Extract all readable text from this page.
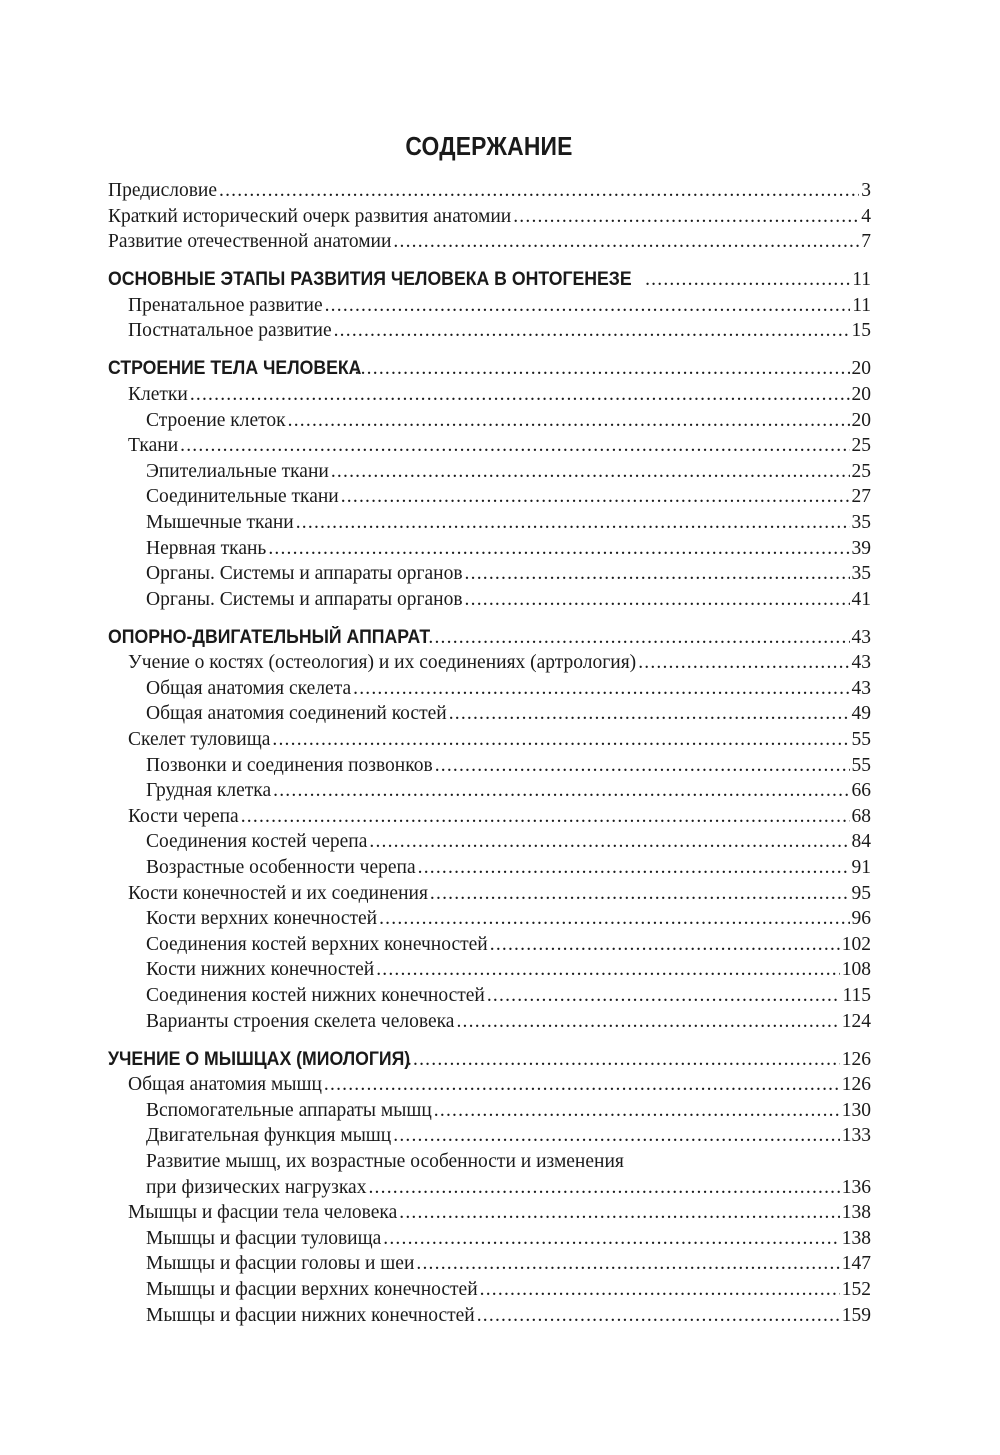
СОДЕРЖАНИЕ
Предисловие .....	3
Краткий исторический очерк развития анатомии .....	4
Развитие отечественной анатомии .....	7
ОСНОВНЫЕ ЭТАПЫ РАЗВИТИЯ ЧЕЛОВЕКА В ОНТОГЕНЕЗЕ .....	11
Пренатальное развитие .....	11
Постнатальное развитие .....	15
СТРОЕНИЕ ТЕЛА ЧЕЛОВЕКА .....	20
Клетки .....	20
Строение клеток .....	20
Ткани .....	25
Эпителиальные ткани .....	25
Соединительные ткани .....	27
Мышечные ткани .....	35
Нервная ткань .....	39
Органы. Системы и аппараты органов .....	35
Органы. Системы и аппараты органов .....	41
ОПОРНО-ДВИГАТЕЛЬНЫЙ АППАРАТ .....	43
Учение о костях (остеология) и их соединениях (артрология) .....	43
Общая анатомия скелета .....	43
Общая анатомия соединений костей .....	49
Скелет туловища .....	55
Позвонки и соединения позвонков .....	55
Грудная клетка .....	66
Кости черепа .....	68
Соединения костей черепа .....	84
Возрастные особенности черепа .....	91
Кости конечностей и их соединения .....	95
Кости верхних конечностей .....	96
Соединения костей верхних конечностей .....	102
Кости нижних конечностей .....	108
Соединения костей нижних конечностей .....	115
Варианты строения скелета человека .....	124
УЧЕНИЕ О МЫШЦАХ (МИОЛОГИЯ) .....	126
Общая анатомия мышц .....	126
Вспомогательные аппараты мышц .....	130
Двигательная функция мышц .....	133
Развитие мышц, их возрастные особенности и изменения
при физических нагрузках .....	136
Мышцы и фасции тела человека .....	138
Мышцы и фасции туловища .....	138
Мышцы и фасции головы и шеи .....	147
Мышцы и фасции верхних конечностей .....	152
Мышцы и фасции нижних конечностей .....	159
